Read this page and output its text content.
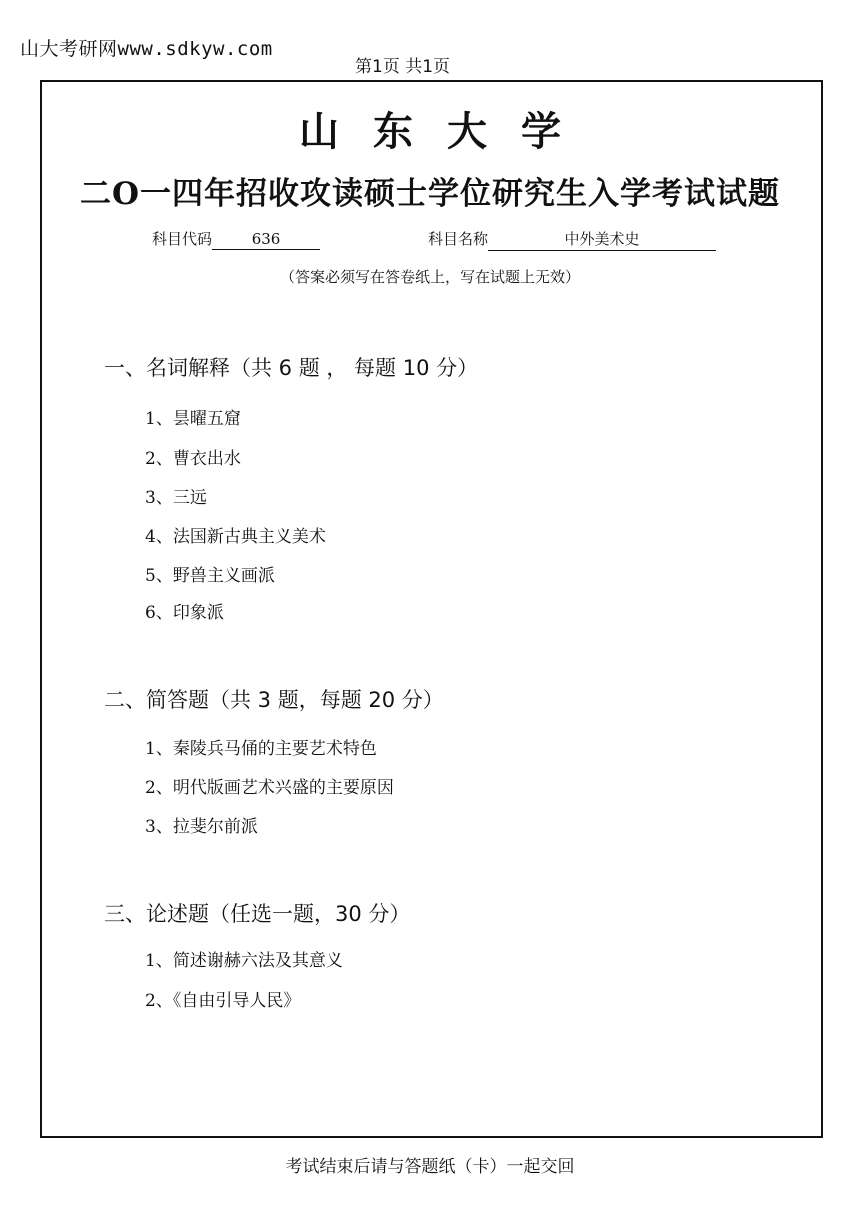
山大考研网www.sdkyw.com
第1页 共1页
山东大学
二O一四年招收攻读硕士学位研究生入学考试试题
科目代码	636	科目名称	中外美术史
（答案必须写在答卷纸上，写在试题上无效）
一、名词解释（共 6 题 ， 每题 10 分）
1、昙曜五窟
2、曹衣出水
3、三远
4、法国新古典主义美术
5、野兽主义画派
6、印象派
二、简答题（共 3 题，每题 20 分）
1、秦陵兵马俑的主要艺术特色
2、明代版画艺术兴盛的主要原因
3、拉斐尔前派
三、论述题（任选一题，30 分）
1、简述谢赫六法及其意义
2、《自由引导人民》
考试结束后请与答题纸（卡）一起交回
